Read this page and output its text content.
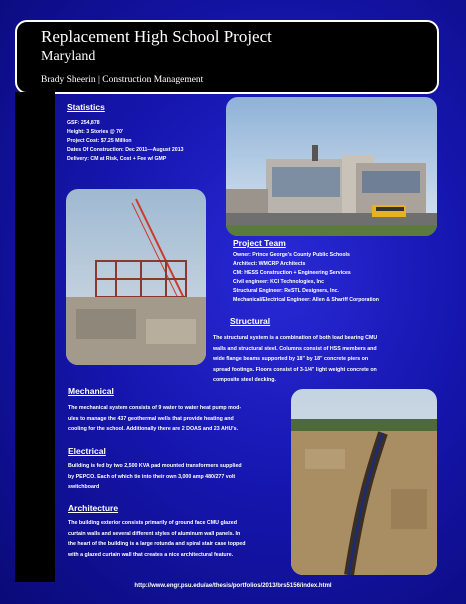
Replacement High School Project
Maryland
Brady Sheerin | Construction Management
Statistics
GSF: 254,878
Height: 3 Stories @ 70'
Project Cost: $7.25 Million
Dates Of Construction: Dec 2011—August 2013
Delivery: CM at Risk, Cost + Fee w/ GMP
Project Team
Owner: Prince George's County Public Schools
Architect: WMCRP Architects
CM: HESS Construction + Engineering Services
Civil engineer: KCI Technologies, Inc
Structural Engineer: ReSTL Designers, Inc.
Mechanical/Electrical Engineer: Allen & Shariff Corporation
Structural
The structural system is a combination of both load bearing CMU
walls and structural steel. Columns consist of HSS members and
wide flange beams supported by 18" by 18" concrete piers on
spread footings. Floors consist of 3-1/4" light weight concrete on
composite steel decking.
Mechanical
The mechanical system consists of 9 water to water heat pump mod-
ules to manage the 437 geothermal wells that provide heating and
cooling for the school. Additionally there are 2 DOAS and 23 AHU's.
Electrical
Building is fed by two 2,500 KVA pad mounted transformers supplied
by PEPCO. Each of which tie into their own 3,000 amp 480/277 volt
switchboard
Architecture
The building exterior consists primarily of ground face CMU glazed
curtain walls and several different styles of aluminum wall panels. In
the heart of the building is a large rotunda and spiral stair case topped
with a glazed curtain wall that creates a nice architectural feature.
http://www.engr.psu.edu/ae/thesis/portfolios/2013/brs5156/index.html
